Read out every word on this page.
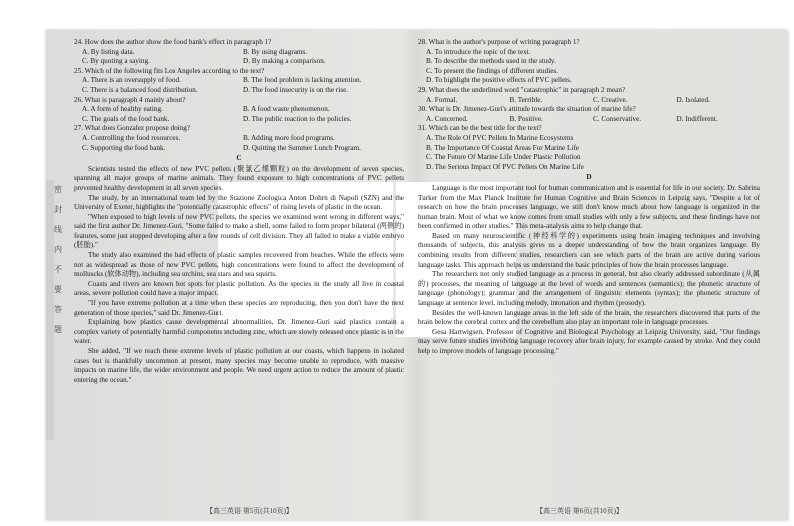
密
封
线
内
不
要
答
题

24. How does the author show the food bank's effect in paragraph 1?

A. By listing data.	B. By using diagrams.
C. By quoting a saying.	D. By making a comparison.

25. Which of the following fits Los Angeles according to the text?

A. There is an oversupply of food.	B. The food problem is lacking attention.
C. There is a balanced food distribution.	D. The food insecurity is on the rise.

26. What is paragraph 4 mainly about?

A. A form of healthy eating.	B. A food waste phenomenon.
C. The goals of the food bank.	D. The public reaction to the policies.

27. What does Gonzalez propose doing?

A. Controlling the food resources.	B. Adding more food programs.
C. Supporting the food bank.	D. Quitting the Summer Lunch Program.
C

Scientists tested the effects of new PVC pellets (聚氯乙烯颗粒) on the development of seven species, spanning all major groups of marine animals. They found exposure to high concentrations of PVC pellets prevented healthy development in all seven species.

The study, by an international team led by the Stazione Zoologica Anton Dohrn di Napoli (SZN) and the University of Exeter, highlights the "potentially catastrophic effects" of rising levels of plastic in the ocean.

"When exposed to high levels of new PVC pellets, the species we examined went wrong in different ways," said the first author Dr. Jimenez-Guri. "Some failed to make a shell, some failed to form proper bilateral (两侧的) features, some just stopped developing after a few rounds of cell division. They all failed to make a viable embryo (胚胎)."

The study also examined the bad effects of plastic samples recovered from beaches. While the effects were not as widespread as those of new PVC pellets, high concentrations were found to affect the development of molluscks (软体动物), including sea urchins, sea stars and sea squirts.

Coasts and rivers are known hot spots for plastic pollution. As the species in the study all live in coastal areas, severe pollution could have a major impact.

"If you have extreme pollution at a time when these species are reproducing, then you don't have the next generation of those species," said Dr. Jimenez-Guri.

Explaining how plastics cause developmental abnormalities, Dr. Jimenez-Guri said plastics contain a complex variety of potentially harmful components including zinc, which are slowly released once plastic is in the water.

She added, "If we reach these extreme levels of plastic pollution at our coasts, which happens in isolated cases but is thankfully uncommon at present, many species may become unable to reproduce, with massive impacts on marine life, the wider environment and people. We need urgent action to reduce the amount of plastic entering the ocean."

【高三英语 第5页(共10页)】

28. What is the author's purpose of writing paragraph 1?

A. To introduce the topic of the text.
B. To describe the methods used in the study.
C. To present the findings of different studies.
D. To highlight the positive effects of PVC pellets.

29. What does the underlined word "catastrophic" in paragraph 2 mean?

A. Formal.	B. Terrible.	C. Creative.	D. Isolated.

30. What is Dr. Jimenez-Guri's attitude towards the situation of marine life?

A. Concerned.	B. Positive.	C. Conservative.	D. Indifferent.

31. Which can be the best title for the text?

A. The Role Of PVC Pellets In Marine Ecosystems
B. The Importance Of Coastal Areas For Marine Life
C. The Future Of Marine Life Under Plastic Pollution
D. The Serious Impact Of PVC Pellets On Marine Life
D

Language is the most important tool for human communication and is essential for life in our society. Dr. Sabrina Turker from the Max Planck Institute for Human Cognitive and Brain Sciences in Leipzig says, "Despite a lot of research on how the brain processes language, we still don't know much about how language is organized in the human brain. Most of what we know comes from small studies with only a few subjects, and these findings have not been confirmed in other studies." This meta-analysis aims to help change that.

Based on many neuroscientific (神经科学的) experiments using brain imaging techniques and involving thousands of subjects, this analysis gives us a deeper understanding of how the brain organizes language. By combining results from different studies, researchers can see which parts of the brain are active during various language tasks. This approach helps us understand the basic principles of how the brain processes language.

The researchers not only studied language as a process in general, but also clearly addressed subordinate (从属的) processes, the meaning of language at the level of words and sentences (semantics); the phonetic structure of language (phonology); grammar and the arrangement of linguistic elements (syntax); the phonetic structure of language at sentence level, including melody, intonation and rhythm (prosody).

Besides the well-known language areas in the left side of the brain, the researchers discovered that parts of the brain below the cerebral cortex and the cerebellum also play an important role in language processes.

Gesa Hartwigsen, Professor of Cognitive and Biological Psychology at Leipzig University, said, "Our findings may serve future studies involving language recovery after brain injury, for example caused by stroke. And they could help to improve models of language processing."

【高三英语 第6页(共10页)】
